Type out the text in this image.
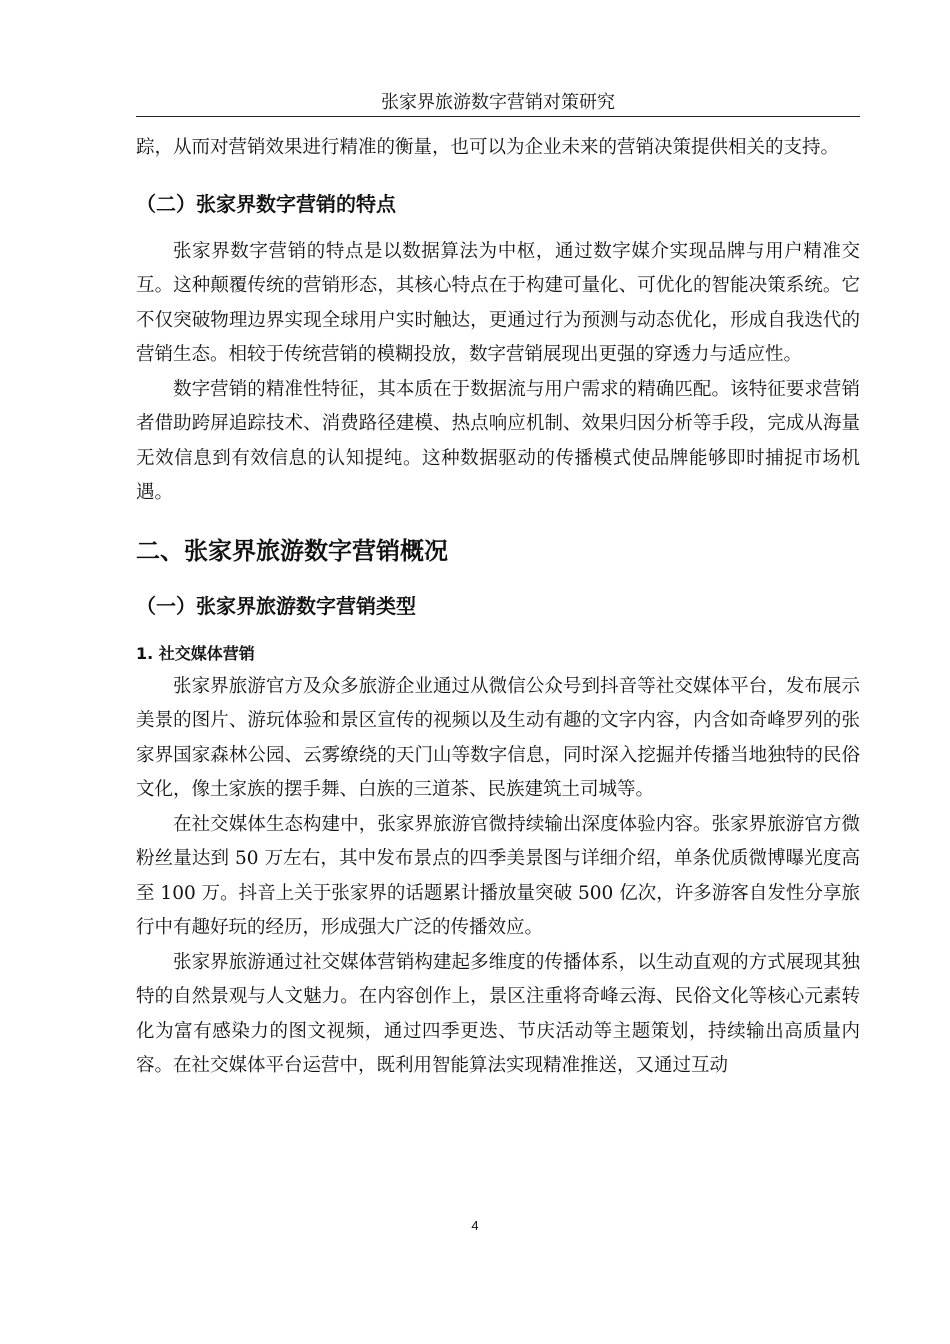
张家界旅游数字营销对策研究

踪，从而对营销效果进行精准的衡量，也可以为企业未来的营销决策提供相关的支持。

（二）张家界数字营销的特点

张家界数字营销的特点是以数据算法为中枢，通过数字媒介实现品牌与用户精准交互。这种颠覆传统的营销形态，其核心特点在于构建可量化、可优化的智能决策系统。它不仅突破物理边界实现全球用户实时触达，更通过行为预测与动态优化，形成自我迭代的营销生态。相较于传统营销的模糊投放，数字营销展现出更强的穿透力与适应性。

数字营销的精准性特征，其本质在于数据流与用户需求的精确匹配。该特征要求营销者借助跨屏追踪技术、消费路径建模、热点响应机制、效果归因分析等手段，完成从海量无效信息到有效信息的认知提纯。这种数据驱动的传播模式使品牌能够即时捕捉市场机遇。

二、张家界旅游数字营销概况
（一）张家界旅游数字营销类型
1. 社交媒体营销

张家界旅游官方及众多旅游企业通过从微信公众号到抖音等社交媒体平台，发布展示美景的图片、游玩体验和景区宣传的视频以及生动有趣的文字内容，内含如奇峰罗列的张家界国家森林公园、云雾缭绕的天门山等数字信息，同时深入挖掘并传播当地独特的民俗文化，像土家族的摆手舞、白族的三道茶、民族建筑土司城等。

在社交媒体生态构建中，张家界旅游官微持续输出深度体验内容。张家界旅游官方微粉丝量达到 50 万左右，其中发布景点的四季美景图与详细介绍，单条优质微博曝光度高至 100 万。抖音上关于张家界的话题累计播放量突破 500 亿次，许多游客自发性分享旅行中有趣好玩的经历，形成强大广泛的传播效应。

张家界旅游通过社交媒体营销构建起多维度的传播体系，以生动直观的方式展现其独特的自然景观与人文魅力。在内容创作上，景区注重将奇峰云海、民俗文化等核心元素转化为富有感染力的图文视频，通过四季更迭、节庆活动等主题策划，持续输出高质量内容。在社交媒体平台运营中，既利用智能算法实现精准推送，又通过互动

4
